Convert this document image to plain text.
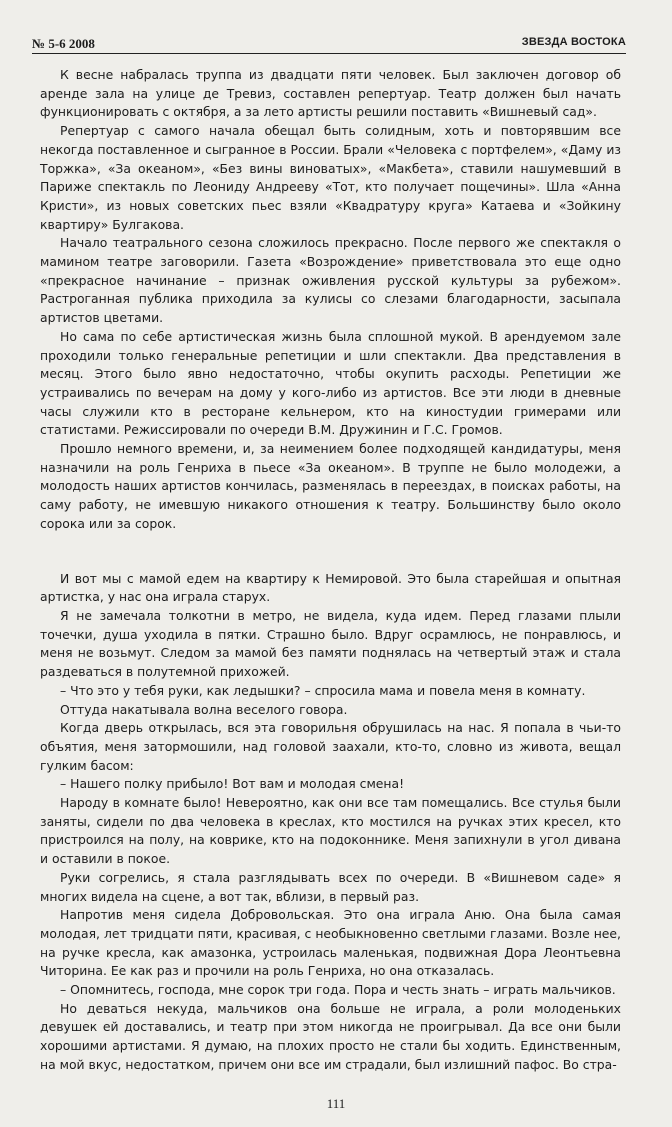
№ 5-6 2008	ЗВЕЗДА ВОСТОКА

К весне набралась труппа из двадцати пяти человек. Был заключен договор об аренде зала на улице де Тревиз, составлен репертуар. Театр должен был начать функционировать с октября, а за лето артисты решили поставить «Вишневый сад».

Репертуар с самого начала обещал быть солидным, хоть и повторявшим все некогда поставленное и сыгранное в России. Брали «Человека с портфелем», «Даму из Торжка», «За океаном», «Без вины виноватых», «Макбета», ставили нашумевший в Париже спектакль по Леониду Андрееву «Тот, кто получает пощечины». Шла «Анна Кристи», из новых советских пьес взяли «Квадратуру круга» Катаева и «Зойкину квартиру» Булгакова.

Начало театрального сезона сложилось прекрасно. После первого же спектакля о мамином театре заговорили. Газета «Возрождение» приветствовала это еще одно «прекрасное начинание – признак оживления русской культуры за рубежом». Растроганная публика приходила за кулисы со слезами благодарности, засыпала артистов цветами.

Но сама по себе артистическая жизнь была сплошной мукой. В арендуемом зале проходили только генеральные репетиции и шли спектакли. Два представления в месяц. Этого было явно недостаточно, чтобы окупить расходы. Репетиции же устраивались по вечерам на дому у кого-либо из артистов. Все эти люди в дневные часы служили кто в ресторане кельнером, кто на киностудии гримерами или статистами. Режиссировали по очереди В.М. Дружинин и Г.С. Громов.

Прошло немного времени, и, за неимением более подходящей кандидатуры, меня назначили на роль Генриха в пьесе «За океаном». В труппе не было молодежи, а молодость наших артистов кончилась, разменялась в переездах, в поисках работы, на саму работу, не имевшую никакого отношения к театру. Большинству было около сорока или за сорок.

И вот мы с мамой едем на квартиру к Немировой. Это была старейшая и опытная артистка, у нас она играла старух.

Я не замечала толкотни в метро, не видела, куда идем. Перед глазами плыли точечки, душа уходила в пятки. Страшно было. Вдруг осрамлюсь, не понравлюсь, и меня не возьмут. Следом за мамой без памяти поднялась на четвертый этаж и стала раздеваться в полутемной прихожей.

– Что это у тебя руки, как ледышки? – спросила мама и повела меня в комнату.

Оттуда накатывала волна веселого говора.

Когда дверь открылась, вся эта говорильня обрушилась на нас. Я попала в чьи-то объятия, меня затормошили, над головой заахали, кто-то, словно из живота, вещал гулким басом:

– Нашего полку прибыло! Вот вам и молодая смена!

Народу в комнате было! Невероятно, как они все там помещались. Все стулья были заняты, сидели по два человека в креслах, кто мостился на ручках этих кресел, кто пристроился на полу, на коврике, кто на подоконнике. Меня запихнули в угол дивана и оставили в покое.

Руки согрелись, я стала разглядывать всех по очереди. В «Вишневом саде» я многих видела на сцене, а вот так, вблизи, в первый раз.

Напротив меня сидела Добровольская. Это она играла Аню. Она была самая молодая, лет тридцати пяти, красивая, с необыкновенно светлыми глазами. Возле нее, на ручке кресла, как амазонка, устроилась маленькая, подвижная Дора Леонтьевна Читорина. Ее как раз и прочили на роль Генриха, но она отказалась.

– Опомнитесь, господа, мне сорок три года. Пора и честь знать – играть мальчиков.

Но деваться некуда, мальчиков она больше не играла, а роли молоденьких девушек ей доставались, и театр при этом никогда не проигрывал. Да все они были хорошими артистами. Я думаю, на плохих просто не стали бы ходить. Единственным, на мой вкус, недостатком, причем они все им страдали, был излишний пафос. Во стра-

111
